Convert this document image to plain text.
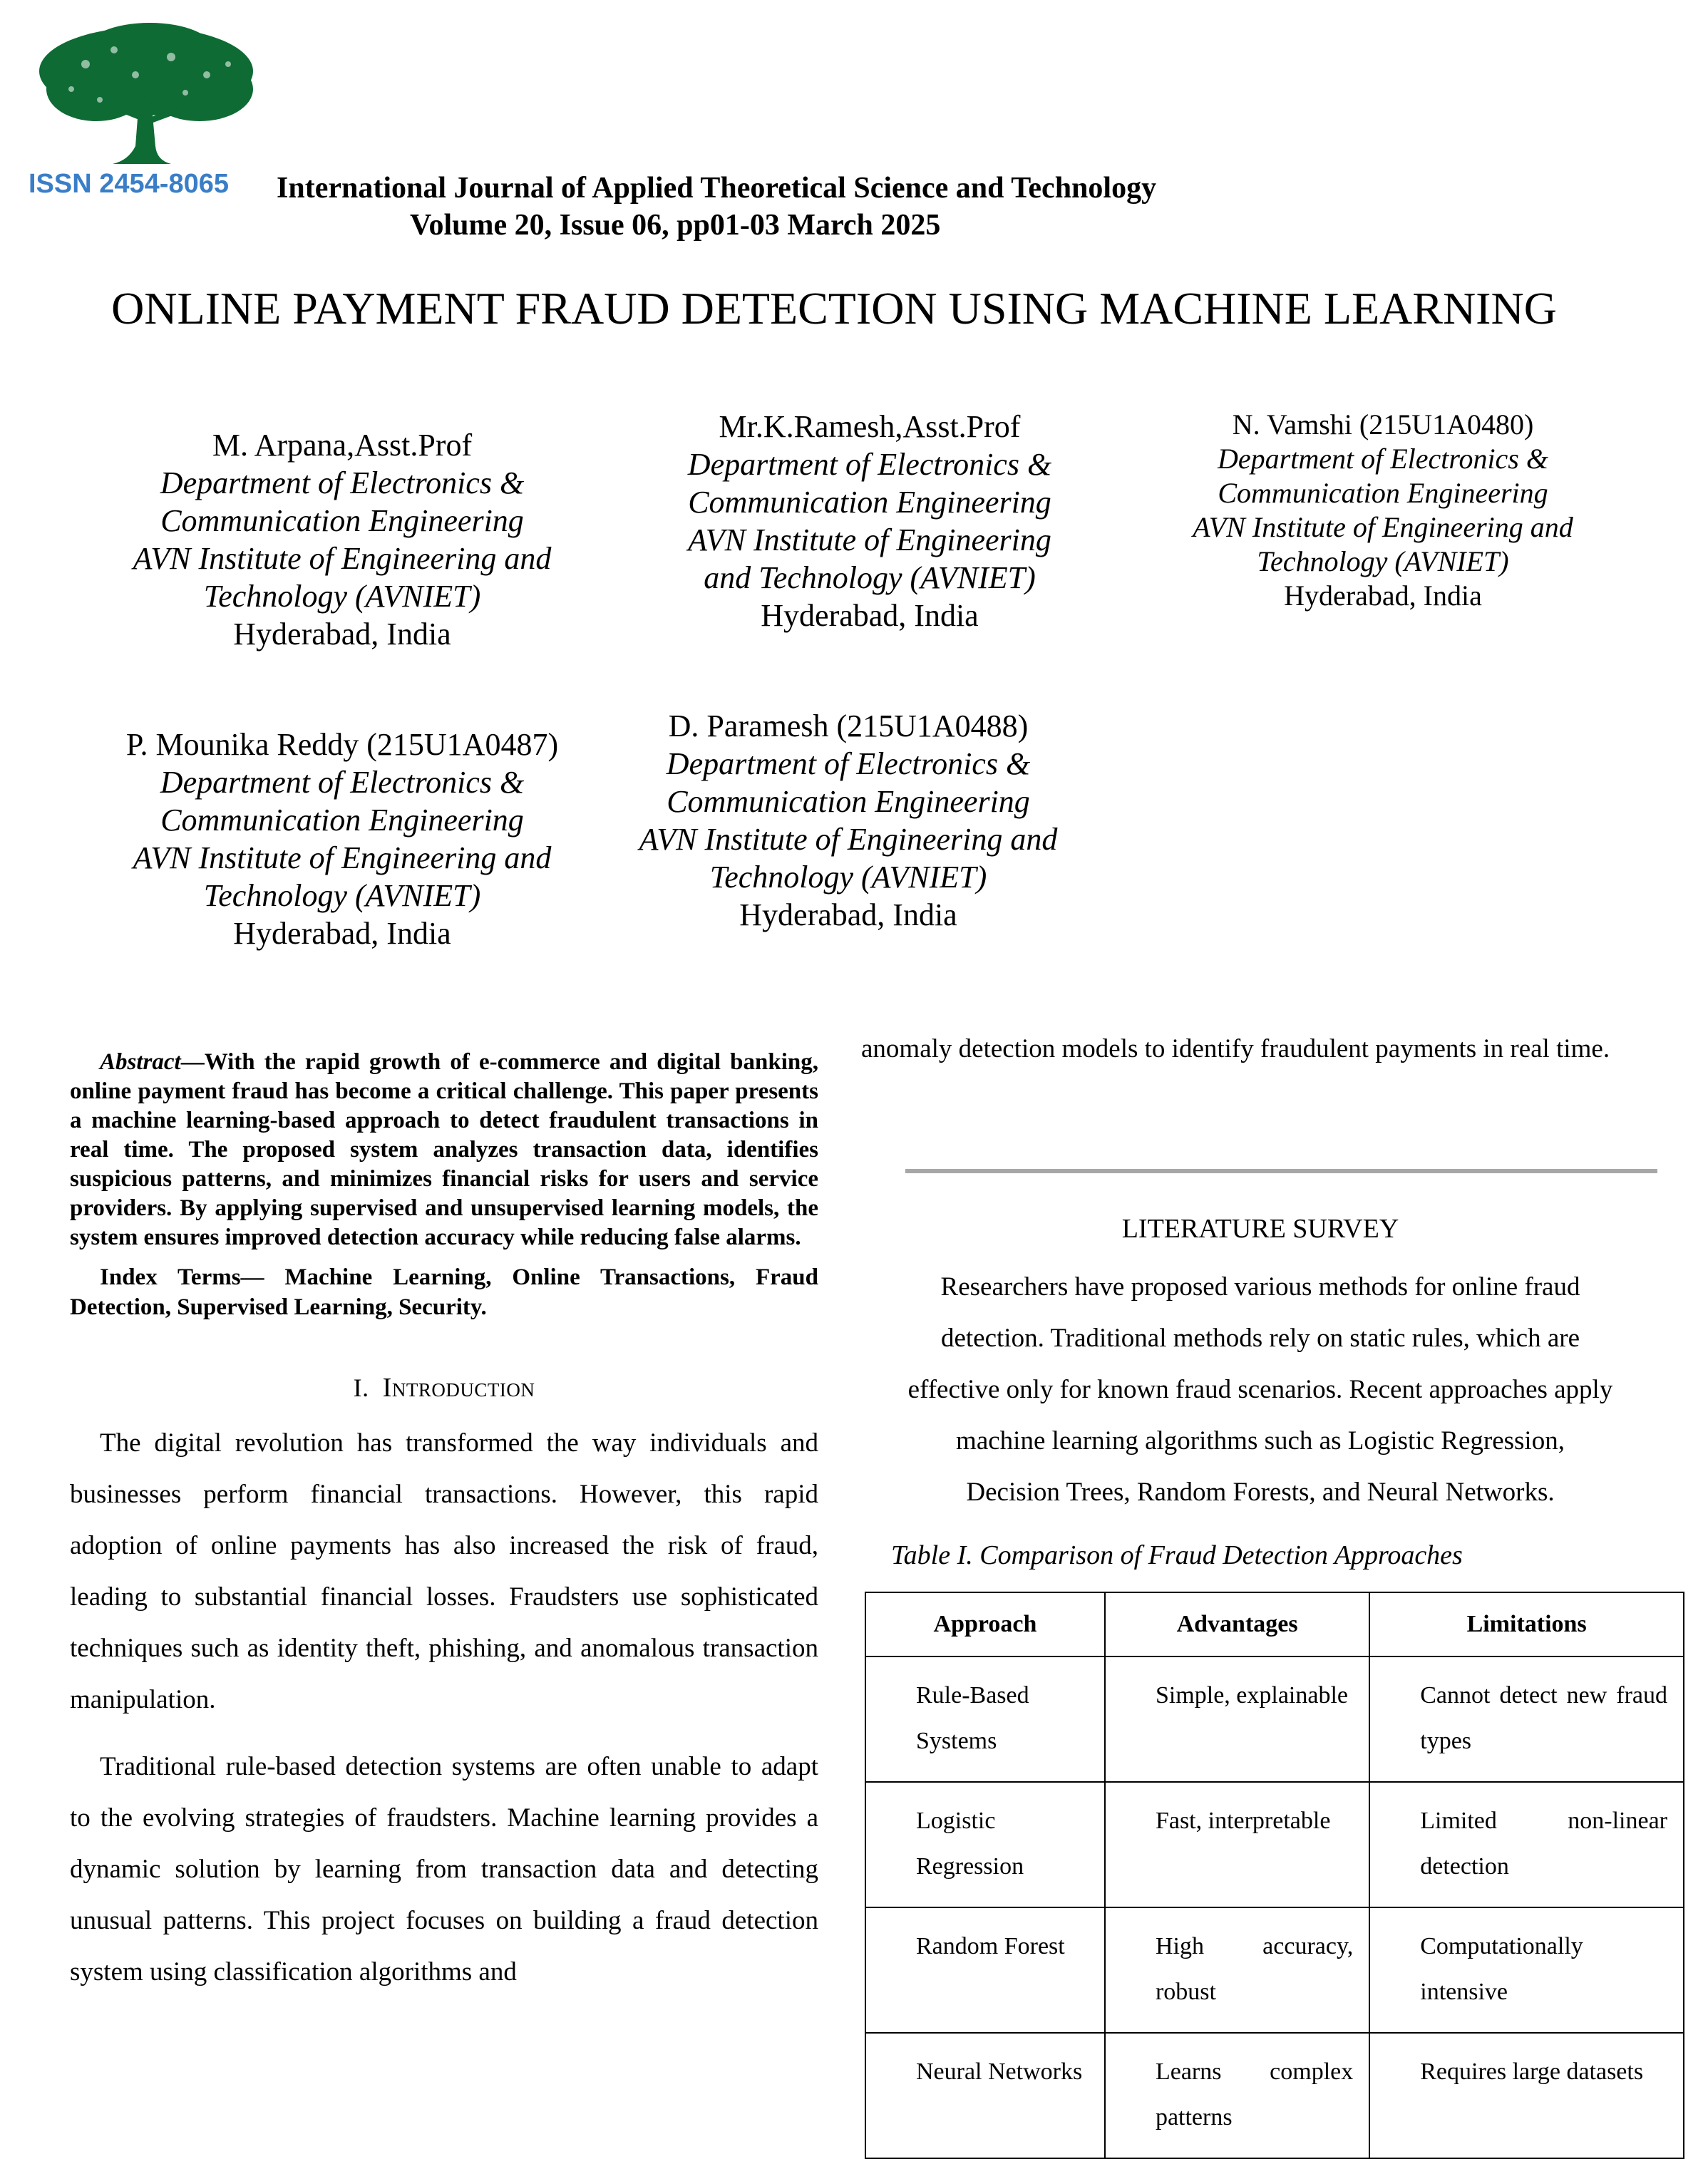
ISSN 2454-8065 International Journal of Applied Theoretical Science and Technology
Volume 20, Issue 06, pp01-03 March 2025
ONLINE PAYMENT FRAUD DETECTION USING MACHINE LEARNING
M. Arpana,Asst.Prof
Department of Electronics &
Communication Engineering
AVN Institute of Engineering and
Technology (AVNIET)
Hyderabad, India
Mr.K.Ramesh,Asst.Prof
Department of Electronics &
Communication Engineering
AVN Institute of Engineering
and Technology (AVNIET)
Hyderabad, India
N. Vamshi (215U1A0480)
Department of Electronics &
Communication Engineering
AVN Institute of Engineering and
Technology (AVNIET)
Hyderabad, India
P. Mounika Reddy (215U1A0487)
Department of Electronics &
Communication Engineering
AVN Institute of Engineering and
Technology (AVNIET)
Hyderabad, India
D. Paramesh (215U1A0488)
Department of Electronics &
Communication Engineering
AVN Institute of Engineering and
Technology (AVNIET)
Hyderabad, India

Abstract—With the rapid growth of e-commerce and digital banking, online payment fraud has become a critical challenge. This paper presents a machine learning-based approach to detect fraudulent transactions in real time. The proposed system analyzes transaction data, identifies suspicious patterns, and minimizes financial risks for users and service providers. By applying supervised and unsupervised learning models, the system ensures improved detection accuracy while reducing false alarms.

Index Terms— Machine Learning, Online Transactions, Fraud Detection, Supervised Learning, Security.

I. Introduction

The digital revolution has transformed the way individuals and businesses perform financial transactions. However, this rapid adoption of online payments has also increased the risk of fraud, leading to substantial financial losses. Fraudsters use sophisticated techniques such as identity theft, phishing, and anomalous transaction manipulation.

Traditional rule-based detection systems are often unable to adapt to the evolving strategies of fraudsters. Machine learning provides a dynamic solution by learning from transaction data and detecting unusual patterns. This project focuses on building a fraud detection system using classification algorithms and

anomaly detection models to identify fraudulent payments in real time.

LITERATURE SURVEY
Researchers have proposed various methods for online fraud
detection. Traditional methods rely on static rules, which are
effective only for known fraud scenarios. Recent approaches apply
machine learning algorithms such as Logistic Regression,
Decision Trees, Random Forests, and Neural Networks.
Table I. Comparison of Fraud Detection Approaches
Approach	Advantages	Limitations
Rule-Based Systems	Simple, explainable	Cannot detect new fraud types
Logistic Regression	Fast, interpretable	Limited non-linear detection
Random Forest	High accuracy, robust	Computationally intensive
Neural Networks	Learns complex patterns	Requires large datasets
